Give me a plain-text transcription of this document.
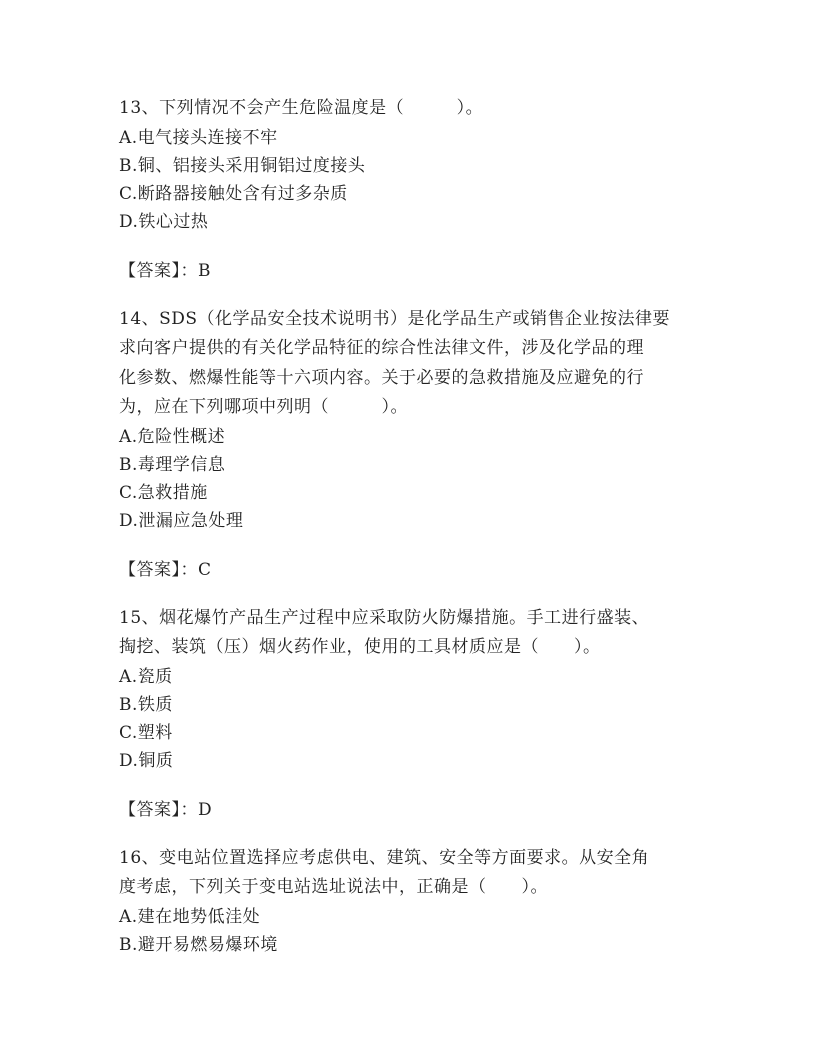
13、下列情况不会产生危险温度是（　　　）。
A.电气接头连接不牢
B.铜、铝接头采用铜铝过度接头
C.断路器接触处含有过多杂质
D.铁心过热
【答案】：B
14、SDS（化学品安全技术说明书）是化学品生产或销售企业按法律要
求向客户提供的有关化学品特征的综合性法律文件，涉及化学品的理
化参数、燃爆性能等十六项内容。关于必要的急救措施及应避免的行
为，应在下列哪项中列明（　　　）。
A.危险性概述
B.毒理学信息
C.急救措施
D.泄漏应急处理
【答案】：C
15、烟花爆竹产品生产过程中应采取防火防爆措施。手工进行盛装、
掏挖、装筑（压）烟火药作业，使用的工具材质应是（　　）。
A.瓷质
B.铁质
C.塑料
D.铜质
【答案】：D
16、变电站位置选择应考虑供电、建筑、安全等方面要求。从安全角
度考虑，下列关于变电站选址说法中，正确是（　　）。
A.建在地势低洼处
B.避开易燃易爆环境
